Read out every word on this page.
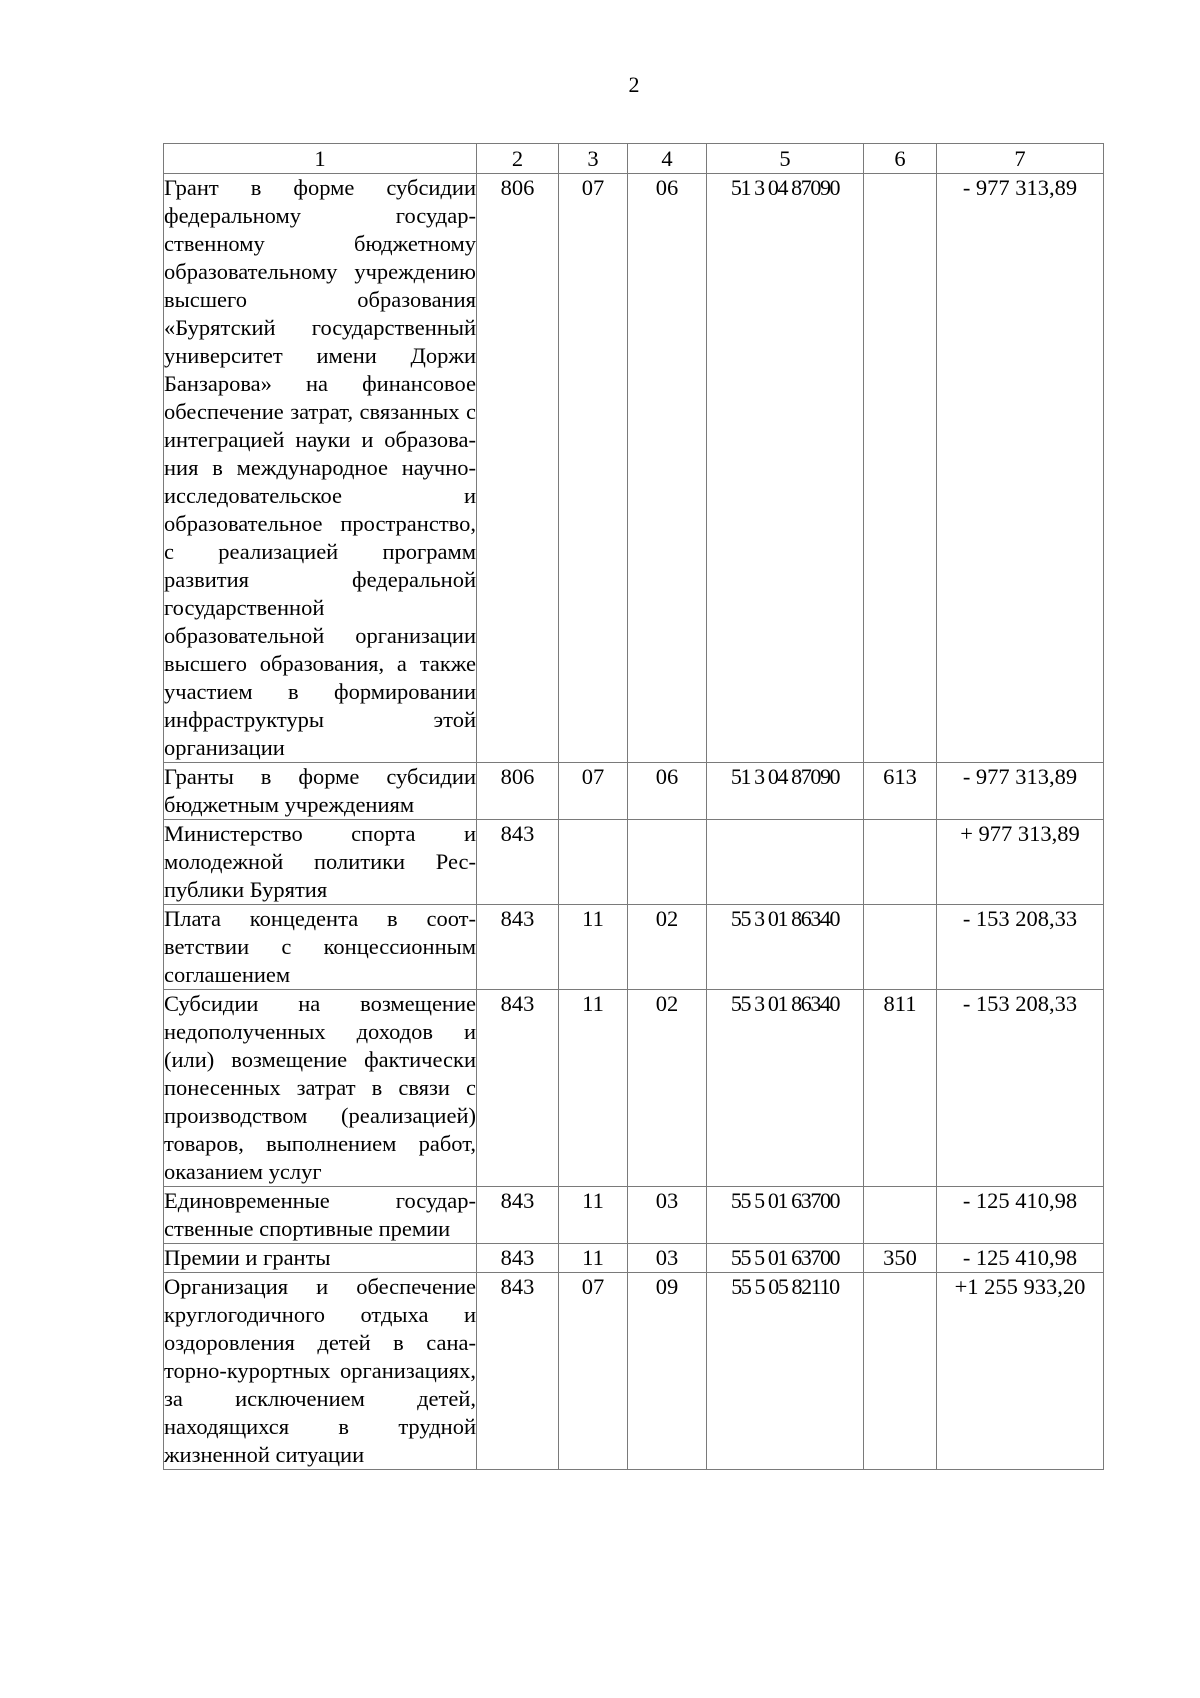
2
1	2	3	4	5	6	7
Грант в форме субсидии федеральному государственному бюджетному образовательному учреждению высшего образования «Бурятский государственный университет имени Доржи Банзарова» на финансовое обеспечение затрат, связанных с интеграцией науки и образования в международное научно-исследовательское и образовательное пространство, с реализацией программ развития федеральной государственной образовательной организации высшего образования, а также участием в формировании инфраструктуры этой организации	806	07	06	51 3 04 87090		- 977 313,89
Гранты в форме субсидии бюджетным учреждениям	806	07	06	51 3 04 87090	613	- 977 313,89
Министерство спорта и молодежной политики Республики Бурятия	843					+ 977 313,89
Плата концедента в соответствии с концессионным соглашением	843	11	02	55 3 01 86340		- 153 208,33
Субсидии на возмещение недополученных доходов и (или) возмещение фактически понесенных затрат в связи с производством (реализацией) товаров, выполнением работ, оказанием услуг	843	11	02	55 3 01 86340	811	- 153 208,33
Единовременные государственные спортивные премии	843	11	03	55 5 01 63700		- 125 410,98
Премии и гранты	843	11	03	55 5 01 63700	350	- 125 410,98
Организация и обеспечение круглогодичного отдыха и оздоровления детей в санаторно-курортных организациях, за исключением детей, находящихся в трудной жизненной ситуации	843	07	09	55 5 05 82110		+1 255 933,20
